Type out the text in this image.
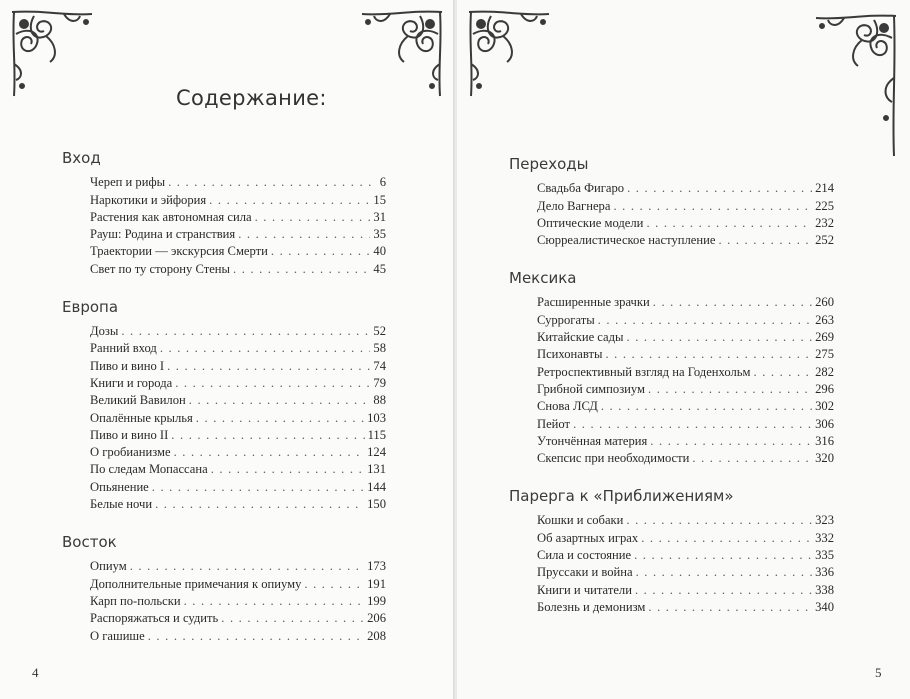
Содержание:
Вход
Череп и рифы . . .	6
Наркотики и эйфория . . .	15
Растения как автономная сила . . .	31
Рауш: Родина и странствия . . .	35
Траектории — экскурсия Смерти . . .	40
Свет по ту сторону Стены . . .	45
Европа
Дозы . . .	52
Ранний вход . . .	58
Пиво и вино I . . .	74
Книги и города . . .	79
Великий Вавилон . . .	88
Опалённые крылья . . .	103
Пиво и вино II . . .	115
О гробианизме . . .	124
По следам Мопассана . . .	131
Опьянение . . .	144
Белые ночи . . .	150
Восток
Опиум . . .	173
Дополнительные примечания к опиуму . . .	191
Карп по-польски . . .	199
Распоряжаться и судить . . .	206
О гашише . . .	208
4
Переходы
Свадьба Фигаро . . .	214
Дело Вагнера . . .	225
Оптические модели . . .	232
Сюрреалистическое наступление . . .	252
Мексика
Расширенные зрачки . . .	260
Суррогаты . . .	263
Китайские сады . . .	269
Психонавты . . .	275
Ретроспективный взгляд на Годенхольм . . .	282
Грибной симпозиум . . .	296
Снова ЛСД . . .	302
Пейот . . .	306
Утончённая материя . . .	316
Скепсис при необходимости . . .	320
Парерга к «Приближениям»
Кошки и собаки . . .	323
Об азартных играх . . .	332
Сила и состояние . . .	335
Пруссаки и война . . .	336
Книги и читатели . . .	338
Болезнь и демонизм . . .	340
5
